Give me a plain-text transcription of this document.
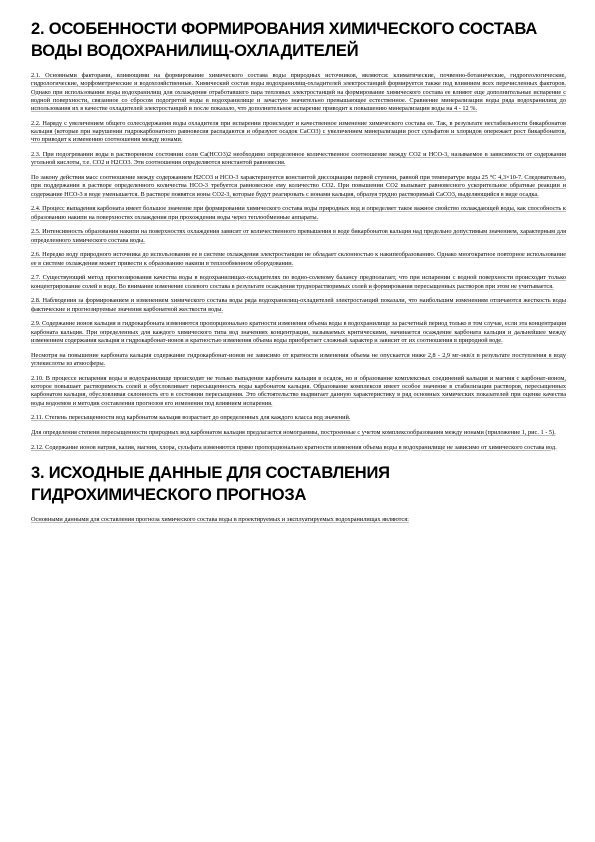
2. ОСОБЕННОСТИ ФОРМИРОВАНИЯ ХИМИЧЕСКОГО СОСТАВА ВОДЫ ВОДОХРАНИЛИЩ-ОХЛАДИТЕЛЕЙ

2.1. Основными факторами, влияющими на формирование химического состава воды природных источников, являются: климатические, почвенно-ботанические, гидрогеологические, гидрологические, морфометрические и водохозяйственные. Химический состав воды водохранилищ-охладителей электростанций формируется также под влиянием всех перечисленных факторов. Однако при использовании воды водохранилищ для охлаждения отработавшего пара тепловых электростанций на формирование химического состава ее влияют еще дополнительные испарение с водной поверхности, связанное со сбросом подогретой воды в водохранилище и зачастую значительно превышающее естественное. Сравнение минерализации воды ряда водохранилищ до использования их в качестве охладителей электростанций и после показало, что дополнительное испарение приводит к повышению минерализации воды на 4 - 12 %.

2.2. Наряду с увеличением общего солесодержания воды охладителя при испарении происходит и качественное изменение химического состава ее. Так, в результате нестабильности бикарбонатов кальция (которые при нарушении гидрокарбонатного равновесия распадаются и образуют осадок CaCO3) с увеличением минерализации рост сульфатов и хлоридов опережает рост бикарбонатов, что приводит к изменению соотношения между ионами.

2.3. При подогревании воды в растворенном состоянии соли Ca(HCO3)2 необходимо определенное количественное соотношение между CO2 и HCO-3, называемое в зависимости от содержания угольной кислоты, т.е. CO2 и H2CO3. Эти соотношения определяются константой равновесия.

По закону действия масс соотношение между содержанием H2CO3 и HCO-3 характеризуется константой диссоциации первой ступени, равной при температуре воды 25 °С 4,3×10-7. Следовательно, при поддержании в растворе определенного количества HCO-3 требуется равновесное ему количество CO2. При повышении CO2 вызывает равновесного ускорительное обратные реакции и содержание HCO-3 в воде уменьшается. В растворе появятся ионы CO2-3, которые будут реагировать с ионами кальция, образуя трудно растворимый CaCO3, выделяющийся в виде осадка.

2.4. Процесс выпадения карбоната имеет большое значение при формировании химического состава воды природных вод и определяет такое важное свойство охлаждающей воды, как способность к образованию накипи на поверхностях охлаждения при прохождении воды через теплообменные аппараты.

2.5. Интенсивность образования накипи на поверхностях охлаждения зависит от количественного превышения в воде бикарбонатов кальция над предельно допустимым значением, характерным для определенного химического состава воды.

2.6. Нередко воду природного источника до использования ее в системе охлаждения электростанции не обладает склонностью к накипеобразованию. Однако многократное повторное использование ее в системе охлаждения может привести к образованию накипи в теплообменном оборудовании.

2.7. Существующий метод прогнозирования качества воды в водохранилищах-охладителях по водно-солевому балансу предполагает, что при испарении с водной поверхности происходит только концентрирование солей в воде. Во внимание изменение солевого состава в результате осаждения труднорастворимых солей и формирования пересыщенных растворов при этом не учитывается.

2.8. Наблюдения за формированием и изменением химического состава воды ряда водохранилищ-охладителей электростанций показали, что наибольшим изменениям отличаются жесткость воды фактические и прогнозируемые значения карбонатной жесткости воды.

2.9. Содержание ионов кальция и гидрокарбоната изменяются пропорционально кратности изменения объема воды в водохранилище за расчетный период только в том случае, если эта концентрация карбоната кальция. При определенных для каждого химического типа вод значениях концентрации, называемых критическими, начинается осаждение карбоната кальция и дальнейшее между изменением содержания кальция и гидрокарбонат-ионов и кратностью изменения объема воды приобретает сложный характер и зависит от их соотношения в природной воде.

Несмотря на повышение карбоната кальция содержание гидрокарбонат-ионов не зависимо от кратности изменения объема не опускается ниже 2,8 - 2,9 мг-экв/л в результате поступления в воду углекислоты из атмосферы.

2.10. В процессе испарения воды в водохранилище происходит не только выпадение карбоната кальция в осадок, но и образование комплексных соединений кальция и магния с карбонат-ионом, которое повышает растворимость солей и обусловливает пересыщенность воды карбонатом кальция. Образование комплексов имеет особое значение в стабилизации растворов, пересыщенных карбонатом кальция, обусловливая склонность его в состоянии пересыщения. Это обстоятельство выдвигает данную характеристику в ряд основных химических показателей при оценке качества воды водоемов и методик составления прогнозов его изменения под влиянием испарения.

2.11. Степень пересыщенности вод карбонатом кальция возрастает до определенных для каждого класса вод значений.

Для определения степени пересыщенности природных вод карбонатом кальция предлагается номограммы, построенные с учетом комплексообразования между ионами (приложение 1, рис. 1 - 5).

2.12. Содержание ионов натрия, калия, магния, хлора, сульфата изменяются прямо пропорционально кратности изменения объема воды в водохранилище не зависимо от химического состава вод.

3. ИСХОДНЫЕ ДАННЫЕ ДЛЯ СОСТАВЛЕНИЯ ГИДРОХИМИЧЕСКОГО ПРОГНОЗА

Основными данными для составления прогноза химического состава воды в проектируемых и эксплуатируемых водохранилищах являются:
